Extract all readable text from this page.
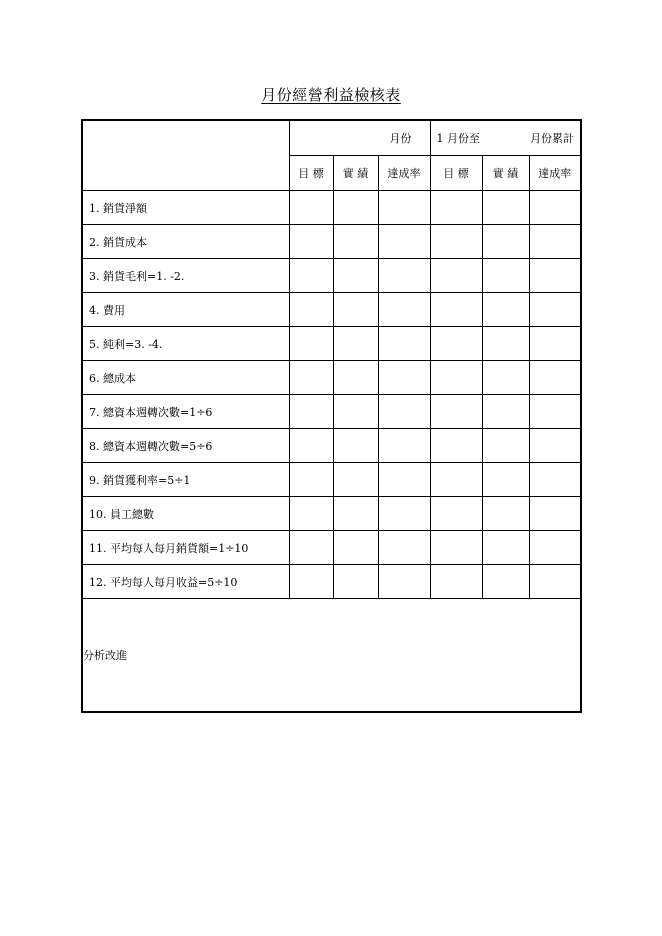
月份經營利益檢核表
	月份			1 月份至 月份累計		

	目 標	實 績	達成率	目 標	實 績	達成率
1. 銷貨淨額						
2. 銷貨成本						
3. 銷貨毛利=1. -2.						
4. 費用						
5. 純利=3. -4.						
6. 總成本						
7. 總資本週轉次數=1÷6						
8. 總資本週轉次數=5÷6						
9. 銷貨獲利率=5÷1						
10. 員工總數						
11. 平均每人每月銷貨額=1÷10						
12. 平均每人每月收益=5÷10						
分析改進						
